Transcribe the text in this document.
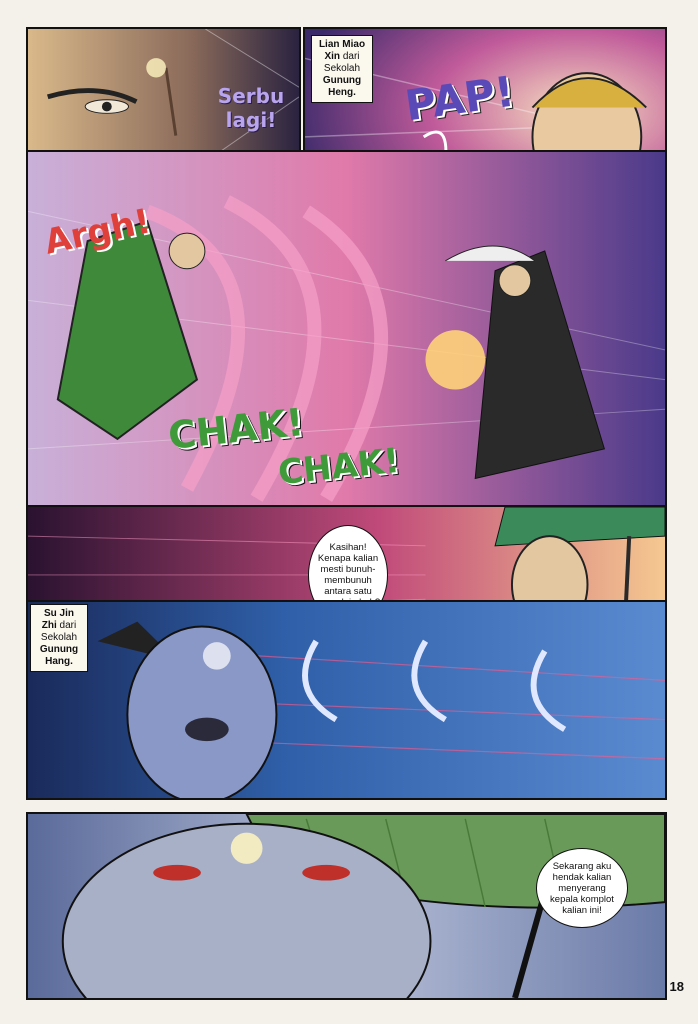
Serbu lagi!
Lian Miao
Xin dari
Sekolah
Gunung
Heng.	PAP!
Argh!
CHAK!
CHAK!
Kasihan! Kenapa kalian mesti bunuh-membunuh antara satu
Su Jin
Zhi dari
Sekolah
Gunung
Hang.
Sekarang aku hendak kalian menyerang kepala komplot kalian ini!
18
